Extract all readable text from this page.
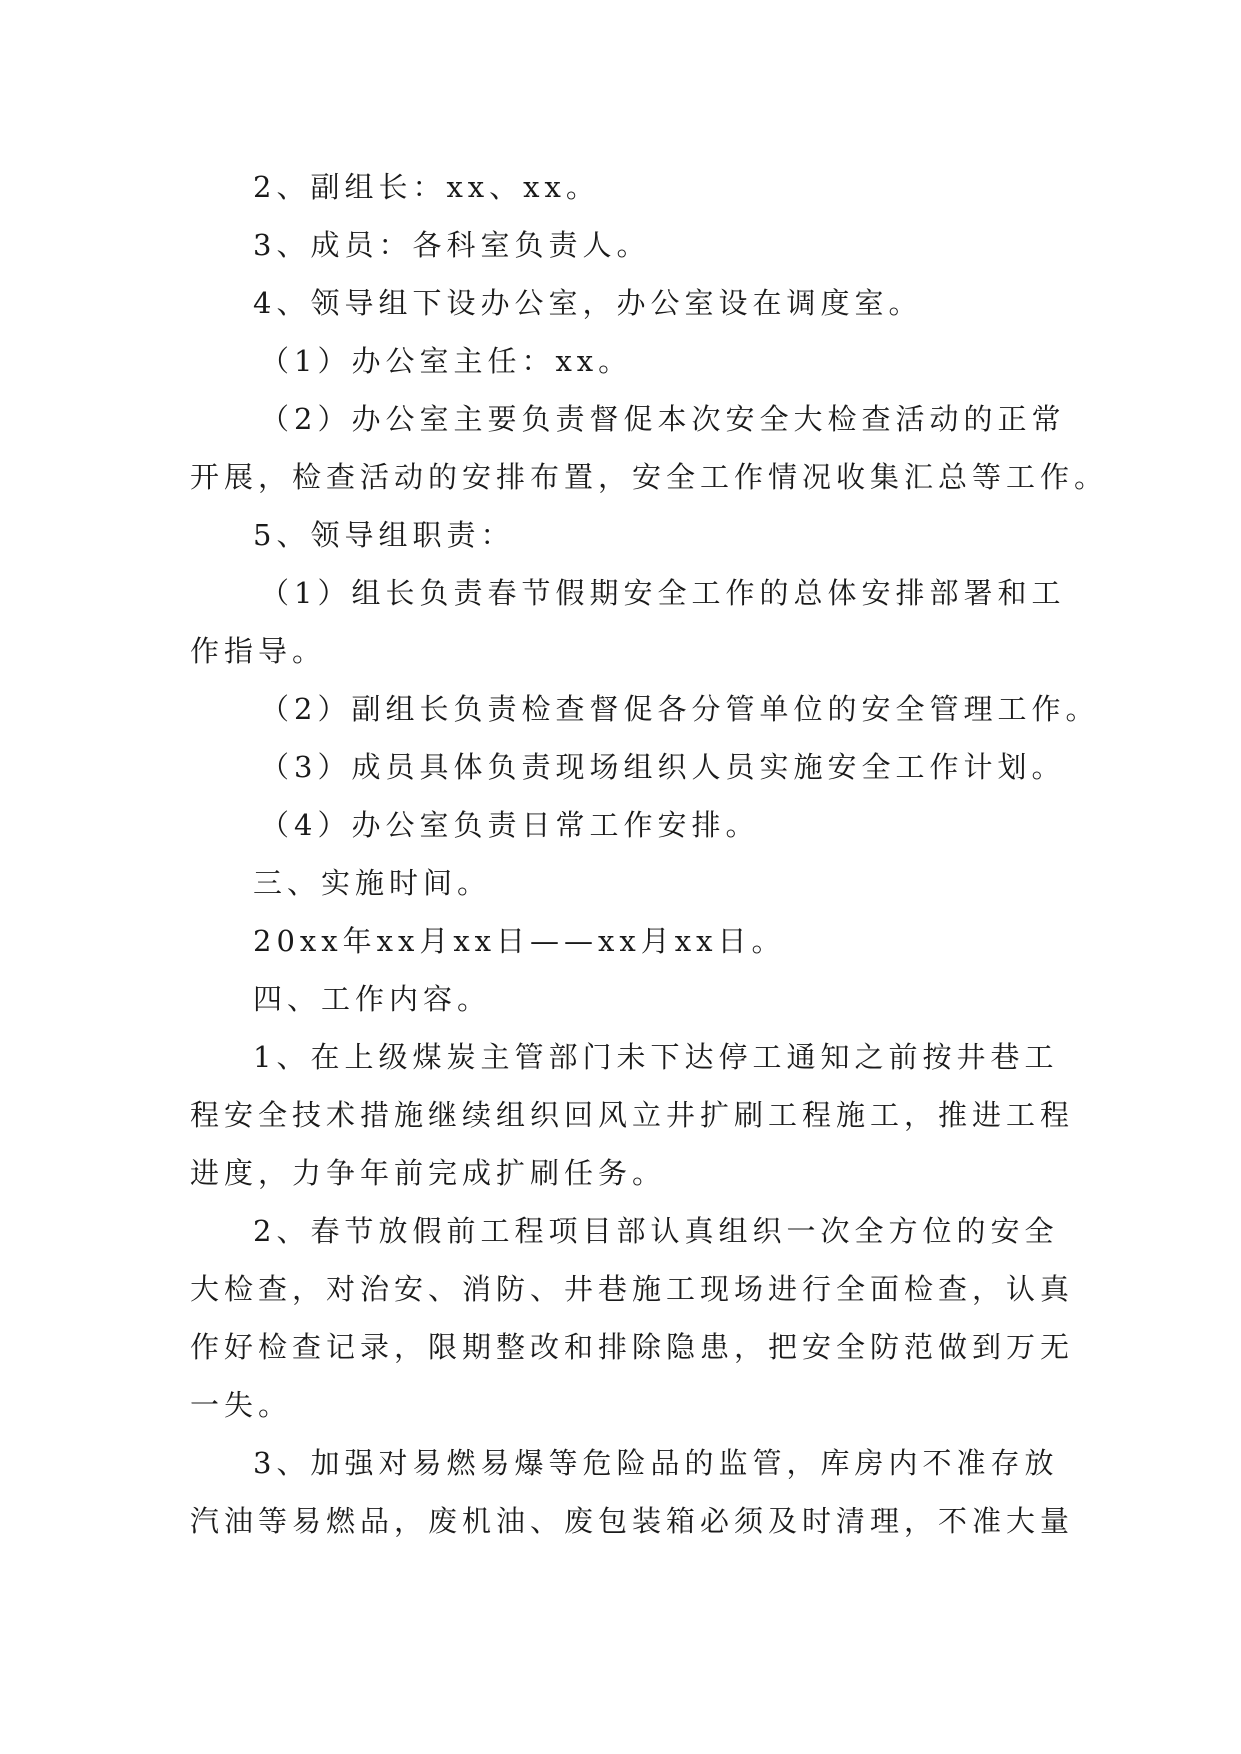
2、副组长：xx、xx。
3、成员：各科室负责人。
4、领导组下设办公室，办公室设在调度室。
（1）办公室主任：xx。
（2）办公室主要负责督促本次安全大检查活动的正常
开展，检查活动的安排布置，安全工作情况收集汇总等工作。
5、领导组职责：
（1）组长负责春节假期安全工作的总体安排部署和工
作指导。
（2）副组长负责检查督促各分管单位的安全管理工作。
（3）成员具体负责现场组织人员实施安全工作计划。
（4）办公室负责日常工作安排。
三、实施时间。
20xx年xx月xx日——xx月xx日。
四、工作内容。
1、在上级煤炭主管部门未下达停工通知之前按井巷工
程安全技术措施继续组织回风立井扩刷工程施工，推进工程
进度，力争年前完成扩刷任务。
2、春节放假前工程项目部认真组织一次全方位的安全
大检查，对治安、消防、井巷施工现场进行全面检查，认真
作好检查记录，限期整改和排除隐患，把安全防范做到万无
一失。
3、加强对易燃易爆等危险品的监管，库房内不准存放
汽油等易燃品，废机油、废包装箱必须及时清理，不准大量
